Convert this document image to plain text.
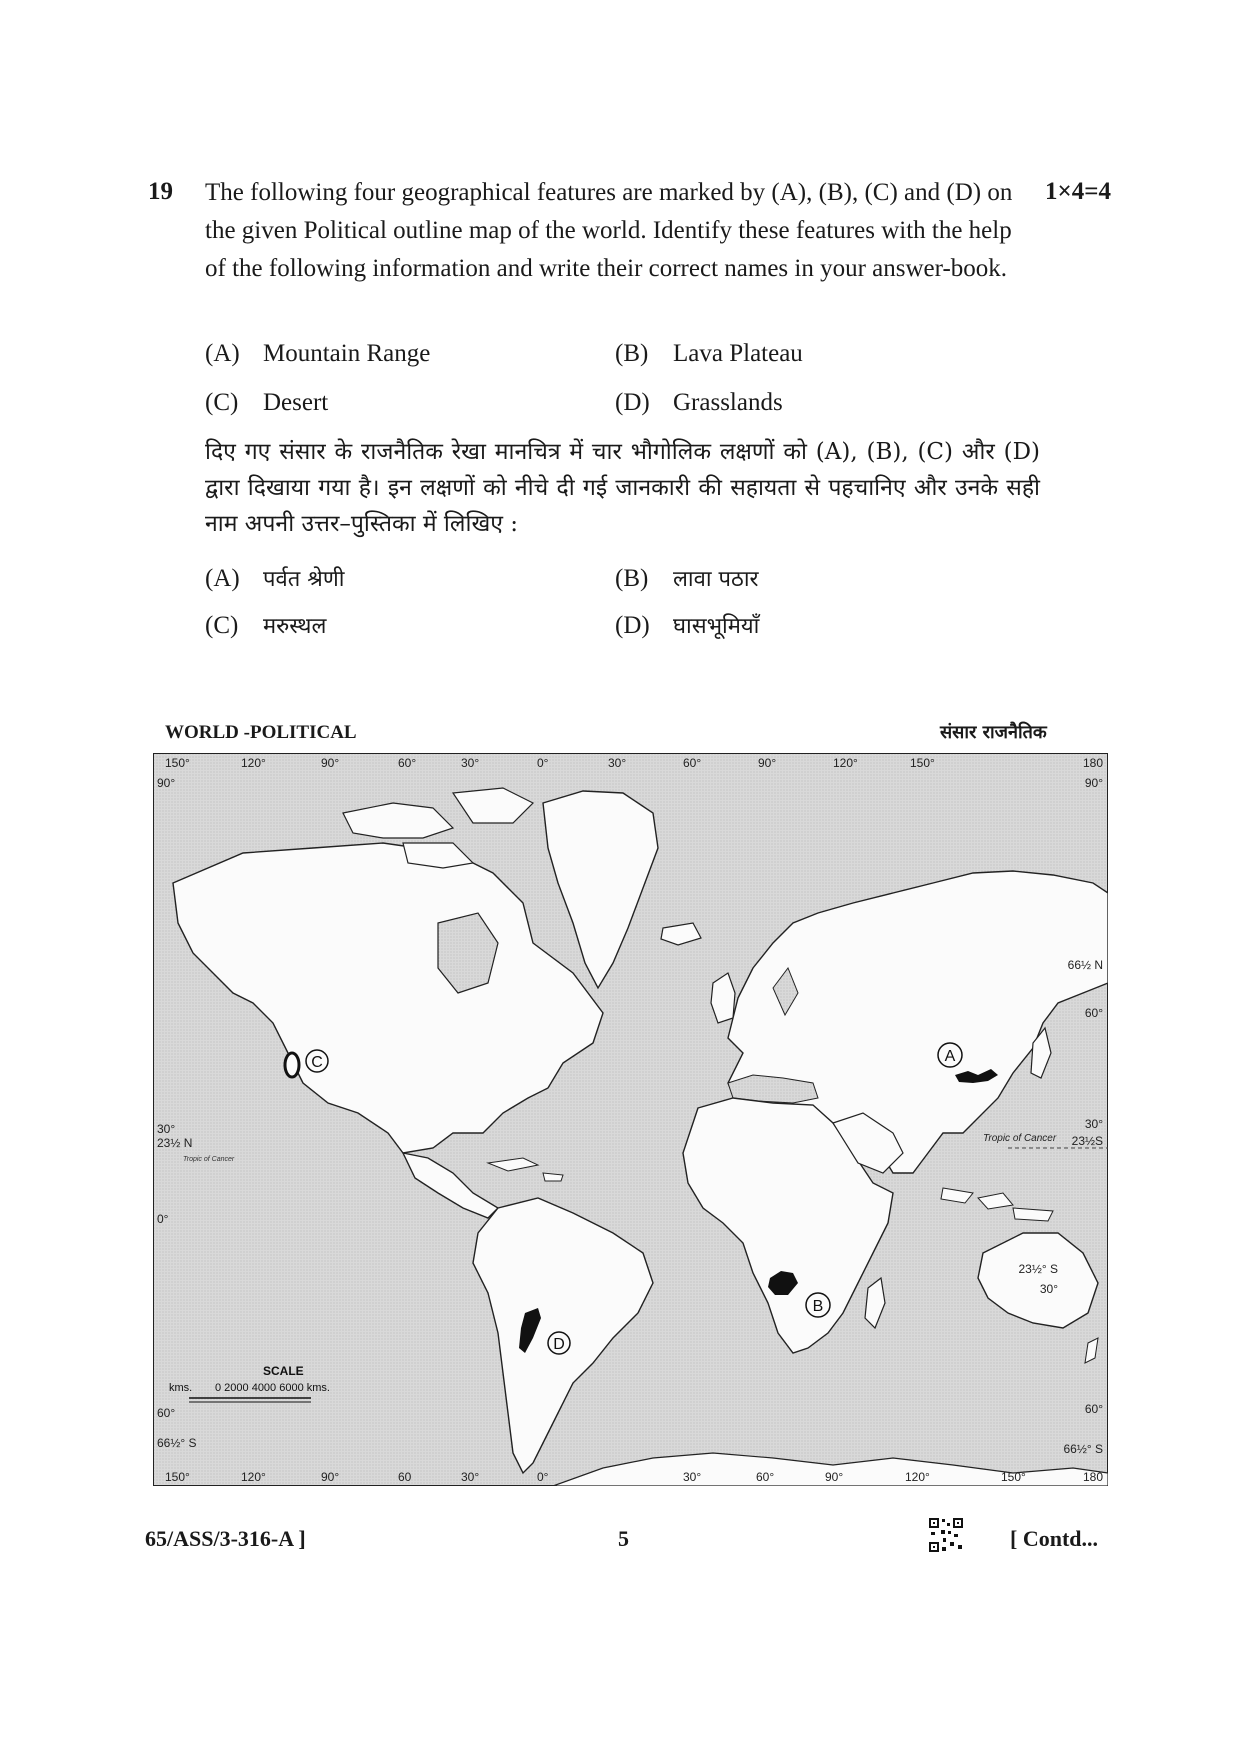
19 The following four geographical features are marked by (A), (B), (C) and (D) on the given Political outline map of the world. Identify these features with the help of the following information and write their correct names in your answer-book.
1×4=4
(A) Mountain Range	(B) Lava Plateau
(C) Desert	(D) Grasslands
दिए गए संसार के राजनैतिक रेखा मानचित्र में चार भौगोलिक लक्षणों को (A), (B), (C) और (D) द्वारा दिखाया गया है। इन लक्षणों को नीचे दी गई जानकारी की सहायता से पहचानिए और उनके सही नाम अपनी उत्तर–पुस्तिका में लिखिए :
(A) पर्वत श्रेणी	(B) लावा पठार
(C) मरुस्थल	(D) घासभूमियाँ
WORLD -POLITICAL	संसार राजनैतिक
A
B
C
D
150°	120°	90°	60°	30°	0°	30°	60°	90°	120°	150°	180
150°	120°	90°	60	30°	0°	30°	60°	90°	120°	150°	180
90°
30°
23½ N
0°
60°
66½° S
90°
66½ N
60°
30°
23½S
23½° S
30°
60°
66½° S
Tropic of Cancer
Tropic of Cancer
SCALE
kms. 0 2000 4000 6000 kms.
65/ASS/3-316-A ]	5	[ Contd...
